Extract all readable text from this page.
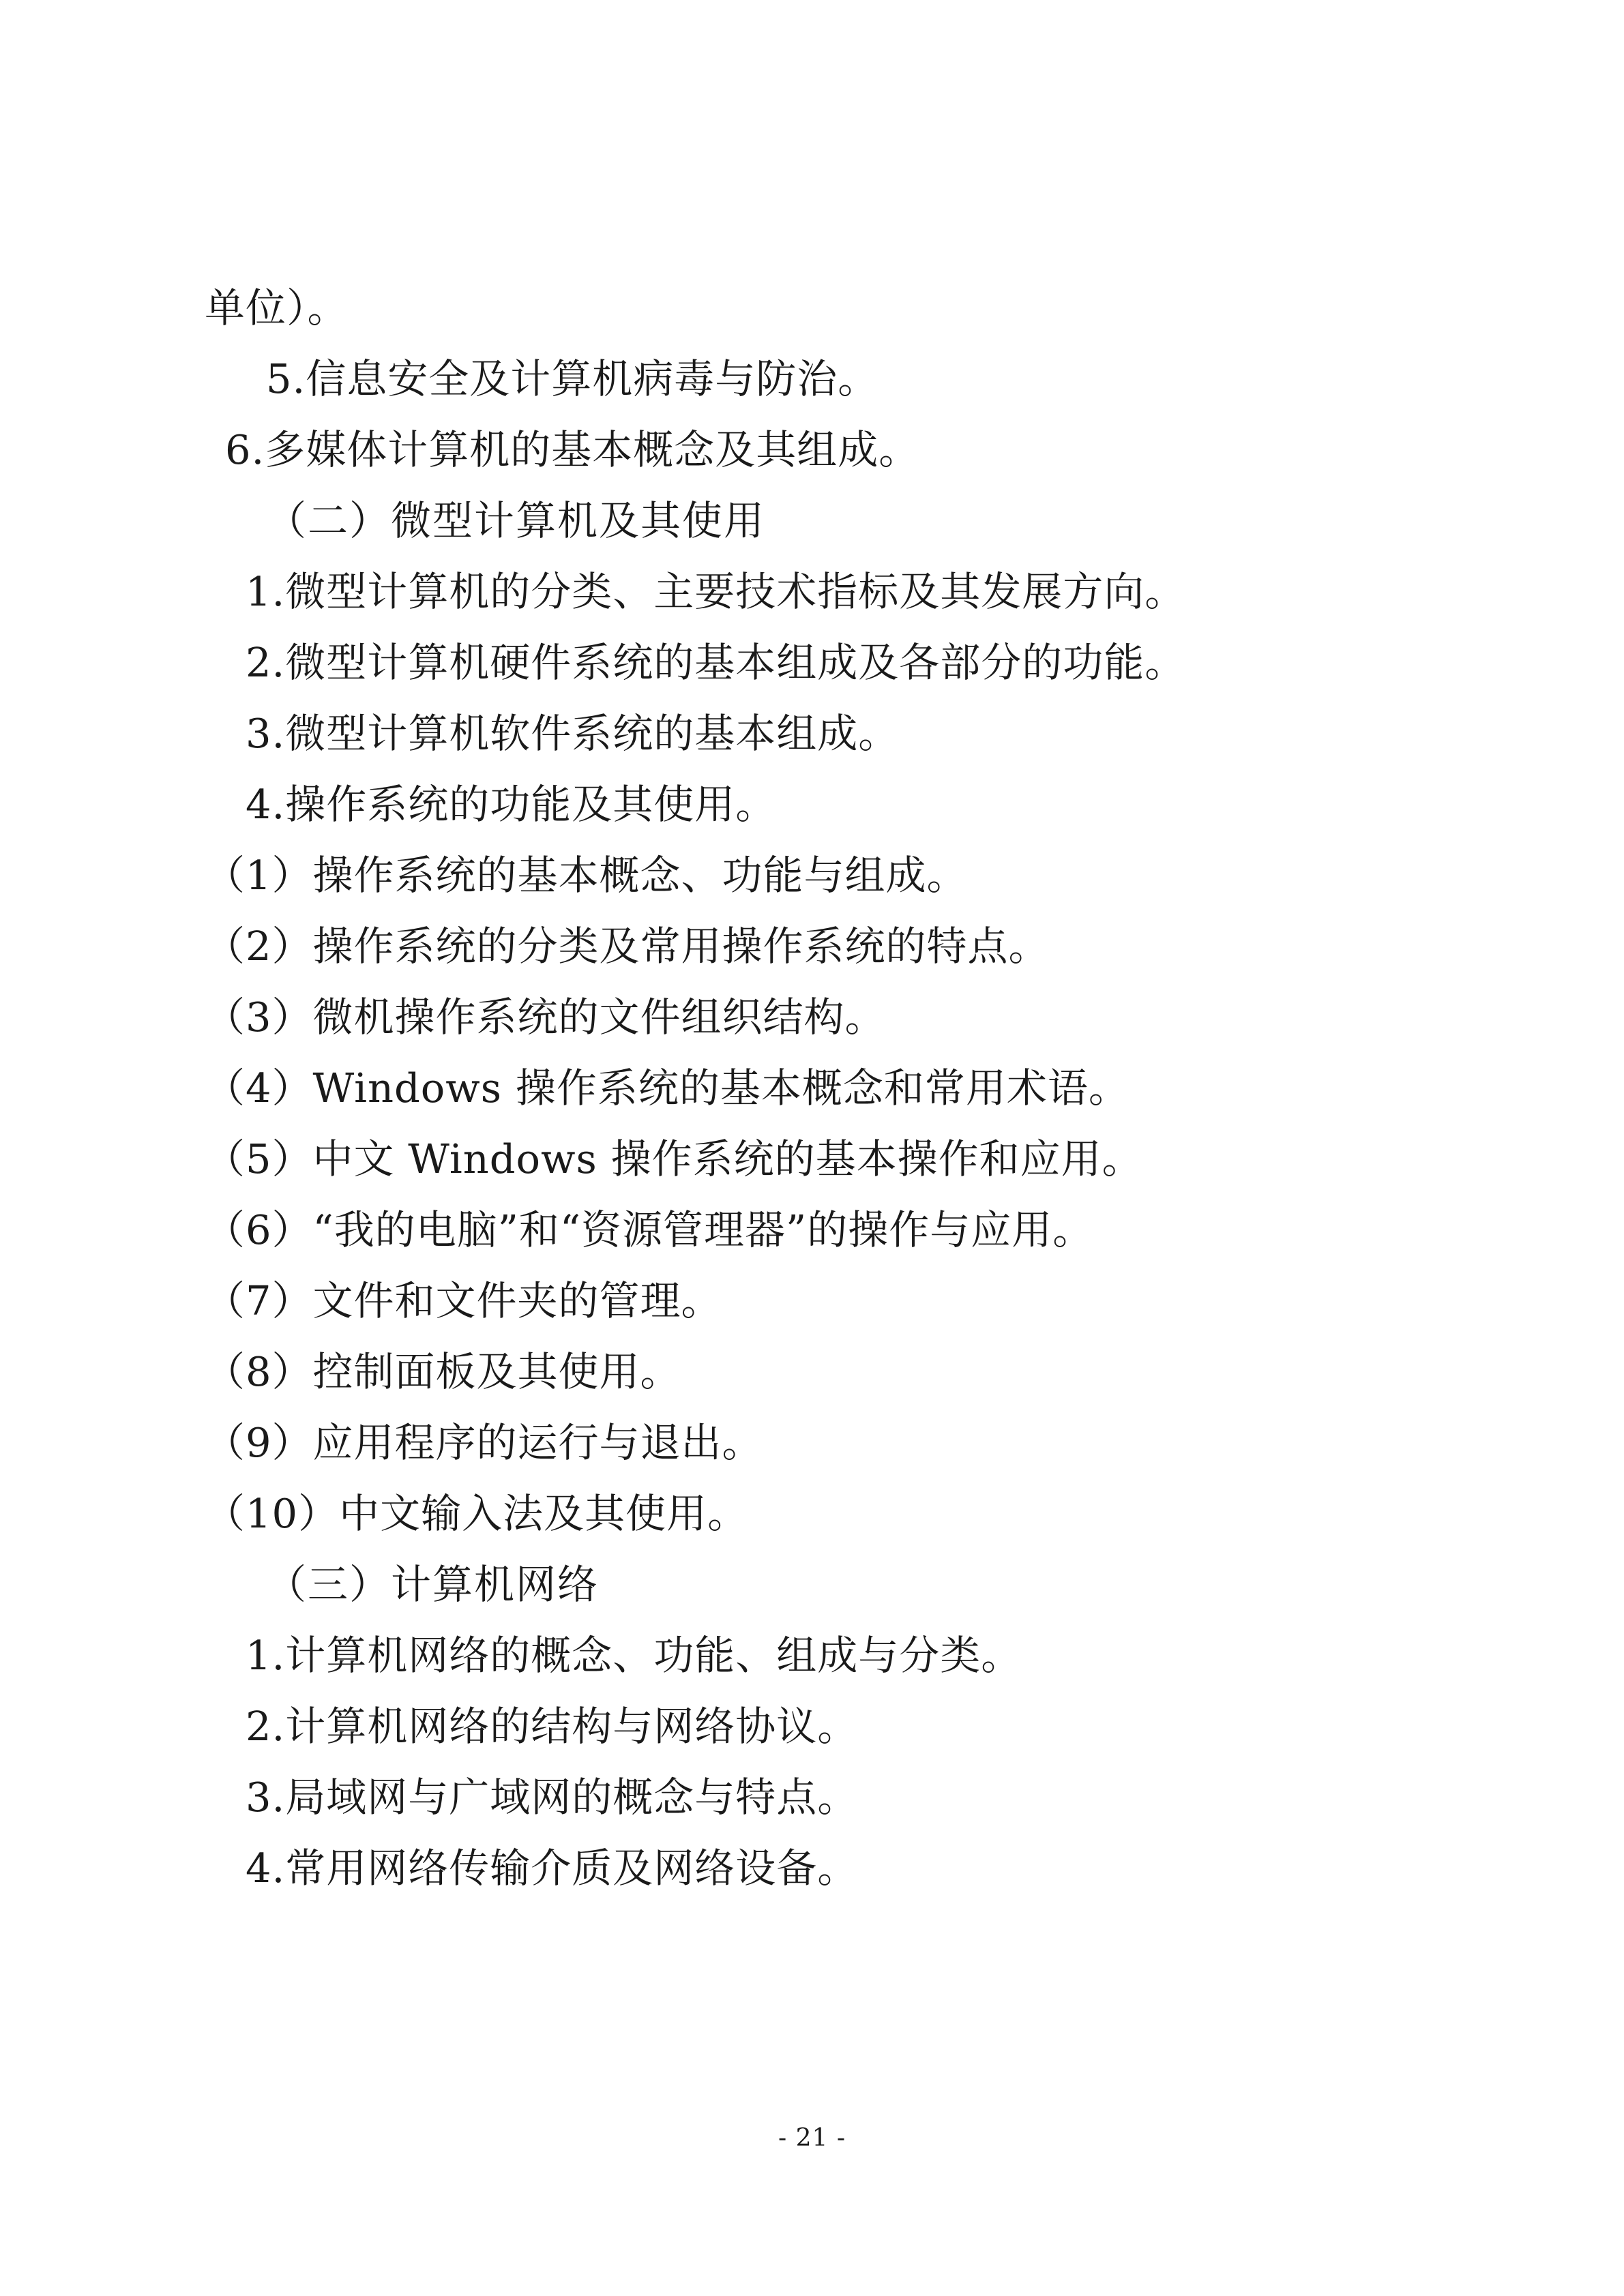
单位）。
5.信息安全及计算机病毒与防治。
6.多媒体计算机的基本概念及其组成。
（二）微型计算机及其使用
1.微型计算机的分类、主要技术指标及其发展方向。
2.微型计算机硬件系统的基本组成及各部分的功能。
3.微型计算机软件系统的基本组成。
4.操作系统的功能及其使用。
（1）操作系统的基本概念、功能与组成。
（2）操作系统的分类及常用操作系统的特点。
（3）微机操作系统的文件组织结构。
（4）Windows 操作系统的基本概念和常用术语。
（5）中文 Windows 操作系统的基本操作和应用。
（6）“我的电脑”和“资源管理器”的操作与应用。
（7）文件和文件夹的管理。
（8）控制面板及其使用。
（9）应用程序的运行与退出。
（10）中文输入法及其使用。
（三）计算机网络
1.计算机网络的概念、功能、组成与分类。
2.计算机网络的结构与网络协议。
3.局域网与广域网的概念与特点。
4.常用网络传输介质及网络设备。
- 21 -
